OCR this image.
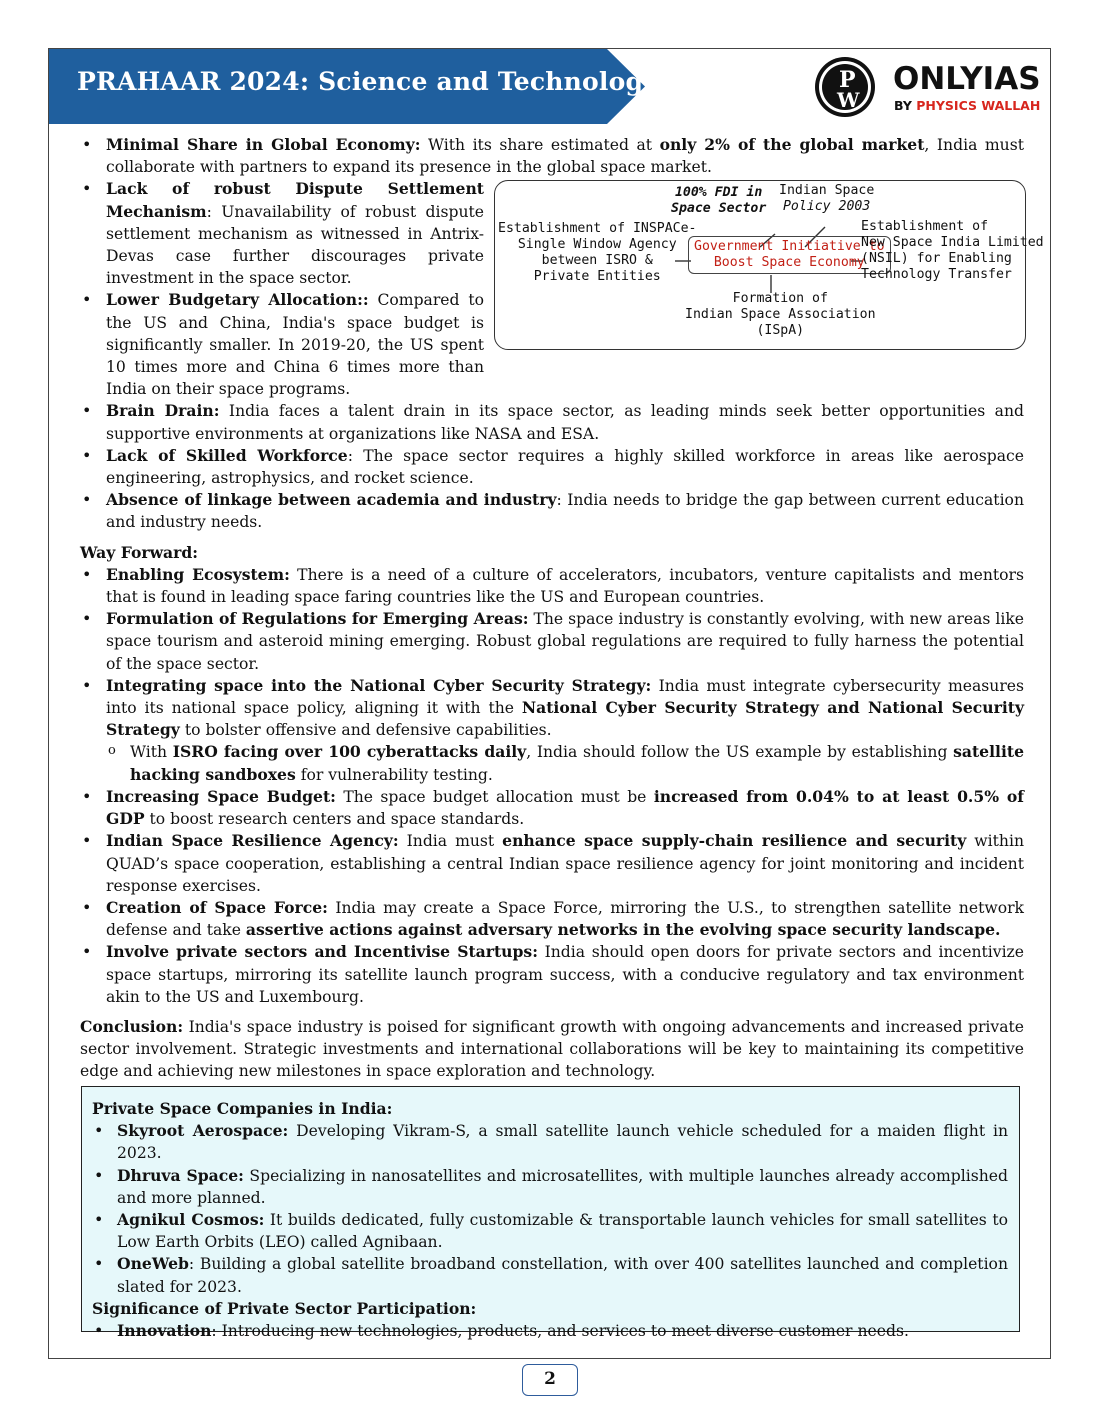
PRAHAAR 2024: Science and Technology	P
W
ONLYIAS
BY PHYSICS WALLAH
• Minimal Share in Global Economy: With its share estimated at only 2% of the global market, India must collaborate with partners to expand its presence in the global space market.
• 100% FDI in
Space Sector
Indian Space
Policy 2003
Establishment of INSPACe-
Single Window Agency
between ISRO &
Private Entities
Government Initiative to
Boost Space Economy
Establishment of
New Space India Limited
(NSIL) for Enabling
Technology Transfer
Formation of
Indian Space Association
(ISpA)
Lack of robust Dispute Settlement Mechanism: Unavailability of robust dispute settlement mechanism as witnessed in Antrix-Devas case further discourages private investment in the space sector.
• Lower Budgetary Allocation:: Compared to the US and China, India's space budget is significantly smaller. In 2019-20, the US spent 10 times more and China 6 times more than India on their space programs.
• Brain Drain: India faces a talent drain in its space sector, as leading minds seek better opportunities and supportive environments at organizations like NASA and ESA.
• Lack of Skilled Workforce: The space sector requires a highly skilled workforce in areas like aerospace engineering, astrophysics, and rocket science.
• Absence of linkage between academia and industry: India needs to bridge the gap between current education and industry needs.
Way Forward:
• Enabling Ecosystem: There is a need of a culture of accelerators, incubators, venture capitalists and mentors that is found in leading space faring countries like the US and European countries.
• Formulation of Regulations for Emerging Areas: The space industry is constantly evolving, with new areas like space tourism and asteroid mining emerging. Robust global regulations are required to fully harness the potential of the space sector.
• Integrating space into the National Cyber Security Strategy: India must integrate cybersecurity measures into its national space policy, aligning it with the National Cyber Security Strategy and National Security Strategy to bolster offensive and defensive capabilities.
o With ISRO facing over 100 cyberattacks daily, India should follow the US example by establishing satellite hacking sandboxes for vulnerability testing.
• Increasing Space Budget: The space budget allocation must be increased from 0.04% to at least 0.5% of GDP to boost research centers and space standards.
• Indian Space Resilience Agency: India must enhance space supply-chain resilience and security within QUAD’s space cooperation, establishing a central Indian space resilience agency for joint monitoring and incident response exercises.
• Creation of Space Force: India may create a Space Force, mirroring the U.S., to strengthen satellite network defense and take assertive actions against adversary networks in the evolving space security landscape.
• Involve private sectors and Incentivise Startups: India should open doors for private sectors and incentivize space startups, mirroring its satellite launch program success, with a conducive regulatory and tax environment akin to the US and Luxembourg.

Conclusion: India's space industry is poised for significant growth with ongoing advancements and increased private sector involvement. Strategic investments and international collaborations will be key to maintaining its competitive edge and achieving new milestones in space exploration and technology.

Private Space Companies in India:
• Skyroot Aerospace: Developing Vikram-S, a small satellite launch vehicle scheduled for a maiden flight in 2023.
• Dhruva Space: Specializing in nanosatellites and microsatellites, with multiple launches already accomplished and more planned.
• Agnikul Cosmos: It builds dedicated, fully customizable & transportable launch vehicles for small satellites to Low Earth Orbits (LEO) called Agnibaan.
• OneWeb: Building a global satellite broadband constellation, with over 400 satellites launched and completion slated for 2023.
Significance of Private Sector Participation:
• Innovation: Introducing new technologies, products, and services to meet diverse customer needs.
2
